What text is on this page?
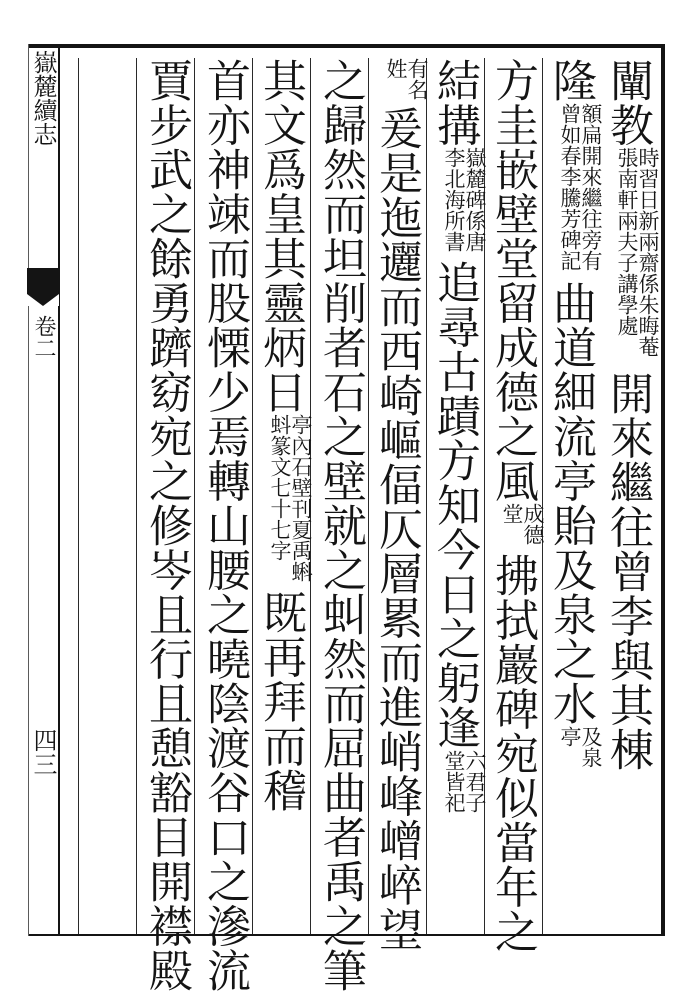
嶽麓續志
卷二
四三
闡教
時習日新兩齋係朱晦菴
張南軒兩夫子講學處
開來繼往曾李與其棟
隆
額扁開來繼往旁有
曾如春李騰芳碑記
曲道細流亭貽及泉之水
及泉
亭
方圭嵌壁堂留成德之風
成德
堂
拂拭巖碑宛似當年之
結搆
嶽麓碑係唐
李北海所書
追尋古蹟方知今日之躬逢
六君子
堂皆祀
有名
姓
爰是迤邐而西崎嶇偪仄層累而進峭峰嶒崪望
之歸然而坦削者石之壁就之虯然而屈曲者禹之筆
其文爲皇其靈炳日
亭內石壁刊夏禹蝌
蚪篆文七十七字
既再拜而稽
首亦神竦而股慄少焉轉山腰之曉陰渡谷口之滲流
賈步武之餘勇躋窈宛之修岑且行且憩豁目開襟殿
